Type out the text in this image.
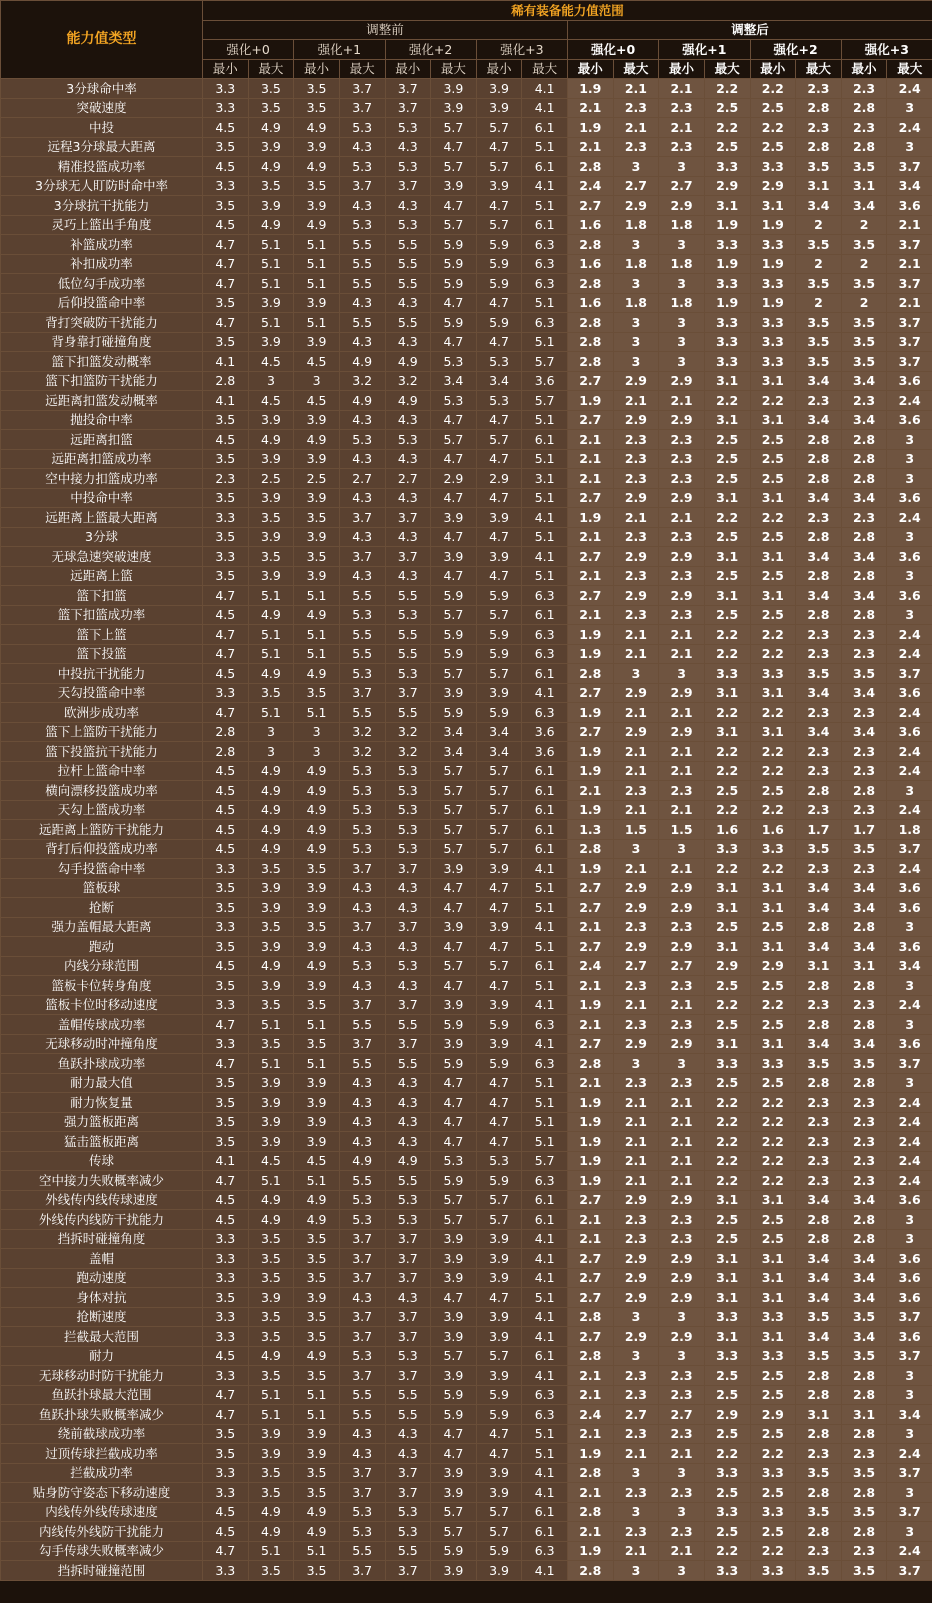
能力值类型	稀有装备能力值范围															
	调整前								调整后							
	强化+0		强化+1		强化+2		强化+3		强化+0		强化+1		强化+2		强化+3	
	最小	最大	最小	最大	最小	最大	最小	最大	最小	最大	最小	最大	最小	最大	最小	最大
3分球命中率	3.3	3.5	3.5	3.7	3.7	3.9	3.9	4.1	1.9	2.1	2.1	2.2	2.2	2.3	2.3	2.4
突破速度	3.3	3.5	3.5	3.7	3.7	3.9	3.9	4.1	2.1	2.3	2.3	2.5	2.5	2.8	2.8	3
中投	4.5	4.9	4.9	5.3	5.3	5.7	5.7	6.1	1.9	2.1	2.1	2.2	2.2	2.3	2.3	2.4
远程3分球最大距离	3.5	3.9	3.9	4.3	4.3	4.7	4.7	5.1	2.1	2.3	2.3	2.5	2.5	2.8	2.8	3
精准投篮成功率	4.5	4.9	4.9	5.3	5.3	5.7	5.7	6.1	2.8	3	3	3.3	3.3	3.5	3.5	3.7
3分球无人盯防时命中率	3.3	3.5	3.5	3.7	3.7	3.9	3.9	4.1	2.4	2.7	2.7	2.9	2.9	3.1	3.1	3.4
3分球抗干扰能力	3.5	3.9	3.9	4.3	4.3	4.7	4.7	5.1	2.7	2.9	2.9	3.1	3.1	3.4	3.4	3.6
灵巧上篮出手角度	4.5	4.9	4.9	5.3	5.3	5.7	5.7	6.1	1.6	1.8	1.8	1.9	1.9	2	2	2.1
补篮成功率	4.7	5.1	5.1	5.5	5.5	5.9	5.9	6.3	2.8	3	3	3.3	3.3	3.5	3.5	3.7
补扣成功率	4.7	5.1	5.1	5.5	5.5	5.9	5.9	6.3	1.6	1.8	1.8	1.9	1.9	2	2	2.1
低位勾手成功率	4.7	5.1	5.1	5.5	5.5	5.9	5.9	6.3	2.8	3	3	3.3	3.3	3.5	3.5	3.7
后仰投篮命中率	3.5	3.9	3.9	4.3	4.3	4.7	4.7	5.1	1.6	1.8	1.8	1.9	1.9	2	2	2.1
背打突破防干扰能力	4.7	5.1	5.1	5.5	5.5	5.9	5.9	6.3	2.8	3	3	3.3	3.3	3.5	3.5	3.7
背身靠打碰撞角度	3.5	3.9	3.9	4.3	4.3	4.7	4.7	5.1	2.8	3	3	3.3	3.3	3.5	3.5	3.7
篮下扣篮发动概率	4.1	4.5	4.5	4.9	4.9	5.3	5.3	5.7	2.8	3	3	3.3	3.3	3.5	3.5	3.7
篮下扣篮防干扰能力	2.8	3	3	3.2	3.2	3.4	3.4	3.6	2.7	2.9	2.9	3.1	3.1	3.4	3.4	3.6
远距离扣篮发动概率	4.1	4.5	4.5	4.9	4.9	5.3	5.3	5.7	1.9	2.1	2.1	2.2	2.2	2.3	2.3	2.4
抛投命中率	3.5	3.9	3.9	4.3	4.3	4.7	4.7	5.1	2.7	2.9	2.9	3.1	3.1	3.4	3.4	3.6
远距离扣篮	4.5	4.9	4.9	5.3	5.3	5.7	5.7	6.1	2.1	2.3	2.3	2.5	2.5	2.8	2.8	3
远距离扣篮成功率	3.5	3.9	3.9	4.3	4.3	4.7	4.7	5.1	2.1	2.3	2.3	2.5	2.5	2.8	2.8	3
空中接力扣篮成功率	2.3	2.5	2.5	2.7	2.7	2.9	2.9	3.1	2.1	2.3	2.3	2.5	2.5	2.8	2.8	3
中投命中率	3.5	3.9	3.9	4.3	4.3	4.7	4.7	5.1	2.7	2.9	2.9	3.1	3.1	3.4	3.4	3.6
远距离上篮最大距离	3.3	3.5	3.5	3.7	3.7	3.9	3.9	4.1	1.9	2.1	2.1	2.2	2.2	2.3	2.3	2.4
3分球	3.5	3.9	3.9	4.3	4.3	4.7	4.7	5.1	2.1	2.3	2.3	2.5	2.5	2.8	2.8	3
无球急速突破速度	3.3	3.5	3.5	3.7	3.7	3.9	3.9	4.1	2.7	2.9	2.9	3.1	3.1	3.4	3.4	3.6
远距离上篮	3.5	3.9	3.9	4.3	4.3	4.7	4.7	5.1	2.1	2.3	2.3	2.5	2.5	2.8	2.8	3
篮下扣篮	4.7	5.1	5.1	5.5	5.5	5.9	5.9	6.3	2.7	2.9	2.9	3.1	3.1	3.4	3.4	3.6
篮下扣篮成功率	4.5	4.9	4.9	5.3	5.3	5.7	5.7	6.1	2.1	2.3	2.3	2.5	2.5	2.8	2.8	3
篮下上篮	4.7	5.1	5.1	5.5	5.5	5.9	5.9	6.3	1.9	2.1	2.1	2.2	2.2	2.3	2.3	2.4
篮下投篮	4.7	5.1	5.1	5.5	5.5	5.9	5.9	6.3	1.9	2.1	2.1	2.2	2.2	2.3	2.3	2.4
中投抗干扰能力	4.5	4.9	4.9	5.3	5.3	5.7	5.7	6.1	2.8	3	3	3.3	3.3	3.5	3.5	3.7
天勾投篮命中率	3.3	3.5	3.5	3.7	3.7	3.9	3.9	4.1	2.7	2.9	2.9	3.1	3.1	3.4	3.4	3.6
欧洲步成功率	4.7	5.1	5.1	5.5	5.5	5.9	5.9	6.3	1.9	2.1	2.1	2.2	2.2	2.3	2.3	2.4
篮下上篮防干扰能力	2.8	3	3	3.2	3.2	3.4	3.4	3.6	2.7	2.9	2.9	3.1	3.1	3.4	3.4	3.6
篮下投篮抗干扰能力	2.8	3	3	3.2	3.2	3.4	3.4	3.6	1.9	2.1	2.1	2.2	2.2	2.3	2.3	2.4
拉杆上篮命中率	4.5	4.9	4.9	5.3	5.3	5.7	5.7	6.1	1.9	2.1	2.1	2.2	2.2	2.3	2.3	2.4
横向漂移投篮成功率	4.5	4.9	4.9	5.3	5.3	5.7	5.7	6.1	2.1	2.3	2.3	2.5	2.5	2.8	2.8	3
天勾上篮成功率	4.5	4.9	4.9	5.3	5.3	5.7	5.7	6.1	1.9	2.1	2.1	2.2	2.2	2.3	2.3	2.4
远距离上篮防干扰能力	4.5	4.9	4.9	5.3	5.3	5.7	5.7	6.1	1.3	1.5	1.5	1.6	1.6	1.7	1.7	1.8
背打后仰投篮成功率	4.5	4.9	4.9	5.3	5.3	5.7	5.7	6.1	2.8	3	3	3.3	3.3	3.5	3.5	3.7
勾手投篮命中率	3.3	3.5	3.5	3.7	3.7	3.9	3.9	4.1	1.9	2.1	2.1	2.2	2.2	2.3	2.3	2.4
篮板球	3.5	3.9	3.9	4.3	4.3	4.7	4.7	5.1	2.7	2.9	2.9	3.1	3.1	3.4	3.4	3.6
抢断	3.5	3.9	3.9	4.3	4.3	4.7	4.7	5.1	2.7	2.9	2.9	3.1	3.1	3.4	3.4	3.6
强力盖帽最大距离	3.3	3.5	3.5	3.7	3.7	3.9	3.9	4.1	2.1	2.3	2.3	2.5	2.5	2.8	2.8	3
跑动	3.5	3.9	3.9	4.3	4.3	4.7	4.7	5.1	2.7	2.9	2.9	3.1	3.1	3.4	3.4	3.6
内线分球范围	4.5	4.9	4.9	5.3	5.3	5.7	5.7	6.1	2.4	2.7	2.7	2.9	2.9	3.1	3.1	3.4
篮板卡位转身角度	3.5	3.9	3.9	4.3	4.3	4.7	4.7	5.1	2.1	2.3	2.3	2.5	2.5	2.8	2.8	3
篮板卡位时移动速度	3.3	3.5	3.5	3.7	3.7	3.9	3.9	4.1	1.9	2.1	2.1	2.2	2.2	2.3	2.3	2.4
盖帽传球成功率	4.7	5.1	5.1	5.5	5.5	5.9	5.9	6.3	2.1	2.3	2.3	2.5	2.5	2.8	2.8	3
无球移动时冲撞角度	3.3	3.5	3.5	3.7	3.7	3.9	3.9	4.1	2.7	2.9	2.9	3.1	3.1	3.4	3.4	3.6
鱼跃扑球成功率	4.7	5.1	5.1	5.5	5.5	5.9	5.9	6.3	2.8	3	3	3.3	3.3	3.5	3.5	3.7
耐力最大值	3.5	3.9	3.9	4.3	4.3	4.7	4.7	5.1	2.1	2.3	2.3	2.5	2.5	2.8	2.8	3
耐力恢复量	3.5	3.9	3.9	4.3	4.3	4.7	4.7	5.1	1.9	2.1	2.1	2.2	2.2	2.3	2.3	2.4
强力篮板距离	3.5	3.9	3.9	4.3	4.3	4.7	4.7	5.1	1.9	2.1	2.1	2.2	2.2	2.3	2.3	2.4
猛击篮板距离	3.5	3.9	3.9	4.3	4.3	4.7	4.7	5.1	1.9	2.1	2.1	2.2	2.2	2.3	2.3	2.4
传球	4.1	4.5	4.5	4.9	4.9	5.3	5.3	5.7	1.9	2.1	2.1	2.2	2.2	2.3	2.3	2.4
空中接力失败概率减少	4.7	5.1	5.1	5.5	5.5	5.9	5.9	6.3	1.9	2.1	2.1	2.2	2.2	2.3	2.3	2.4
外线传内线传球速度	4.5	4.9	4.9	5.3	5.3	5.7	5.7	6.1	2.7	2.9	2.9	3.1	3.1	3.4	3.4	3.6
外线传内线防干扰能力	4.5	4.9	4.9	5.3	5.3	5.7	5.7	6.1	2.1	2.3	2.3	2.5	2.5	2.8	2.8	3
挡拆时碰撞角度	3.3	3.5	3.5	3.7	3.7	3.9	3.9	4.1	2.1	2.3	2.3	2.5	2.5	2.8	2.8	3
盖帽	3.3	3.5	3.5	3.7	3.7	3.9	3.9	4.1	2.7	2.9	2.9	3.1	3.1	3.4	3.4	3.6
跑动速度	3.3	3.5	3.5	3.7	3.7	3.9	3.9	4.1	2.7	2.9	2.9	3.1	3.1	3.4	3.4	3.6
身体对抗	3.5	3.9	3.9	4.3	4.3	4.7	4.7	5.1	2.7	2.9	2.9	3.1	3.1	3.4	3.4	3.6
抢断速度	3.3	3.5	3.5	3.7	3.7	3.9	3.9	4.1	2.8	3	3	3.3	3.3	3.5	3.5	3.7
拦截最大范围	3.3	3.5	3.5	3.7	3.7	3.9	3.9	4.1	2.7	2.9	2.9	3.1	3.1	3.4	3.4	3.6
耐力	4.5	4.9	4.9	5.3	5.3	5.7	5.7	6.1	2.8	3	3	3.3	3.3	3.5	3.5	3.7
无球移动时防干扰能力	3.3	3.5	3.5	3.7	3.7	3.9	3.9	4.1	2.1	2.3	2.3	2.5	2.5	2.8	2.8	3
鱼跃扑球最大范围	4.7	5.1	5.1	5.5	5.5	5.9	5.9	6.3	2.1	2.3	2.3	2.5	2.5	2.8	2.8	3
鱼跃扑球失败概率减少	4.7	5.1	5.1	5.5	5.5	5.9	5.9	6.3	2.4	2.7	2.7	2.9	2.9	3.1	3.1	3.4
绕前截球成功率	3.5	3.9	3.9	4.3	4.3	4.7	4.7	5.1	2.1	2.3	2.3	2.5	2.5	2.8	2.8	3
过顶传球拦截成功率	3.5	3.9	3.9	4.3	4.3	4.7	4.7	5.1	1.9	2.1	2.1	2.2	2.2	2.3	2.3	2.4
拦截成功率	3.3	3.5	3.5	3.7	3.7	3.9	3.9	4.1	2.8	3	3	3.3	3.3	3.5	3.5	3.7
贴身防守姿态下移动速度	3.3	3.5	3.5	3.7	3.7	3.9	3.9	4.1	2.1	2.3	2.3	2.5	2.5	2.8	2.8	3
内线传外线传球速度	4.5	4.9	4.9	5.3	5.3	5.7	5.7	6.1	2.8	3	3	3.3	3.3	3.5	3.5	3.7
内线传外线防干扰能力	4.5	4.9	4.9	5.3	5.3	5.7	5.7	6.1	2.1	2.3	2.3	2.5	2.5	2.8	2.8	3
勾手传球失败概率减少	4.7	5.1	5.1	5.5	5.5	5.9	5.9	6.3	1.9	2.1	2.1	2.2	2.2	2.3	2.3	2.4
挡拆时碰撞范围	3.3	3.5	3.5	3.7	3.7	3.9	3.9	4.1	2.8	3	3	3.3	3.3	3.5	3.5	3.7
